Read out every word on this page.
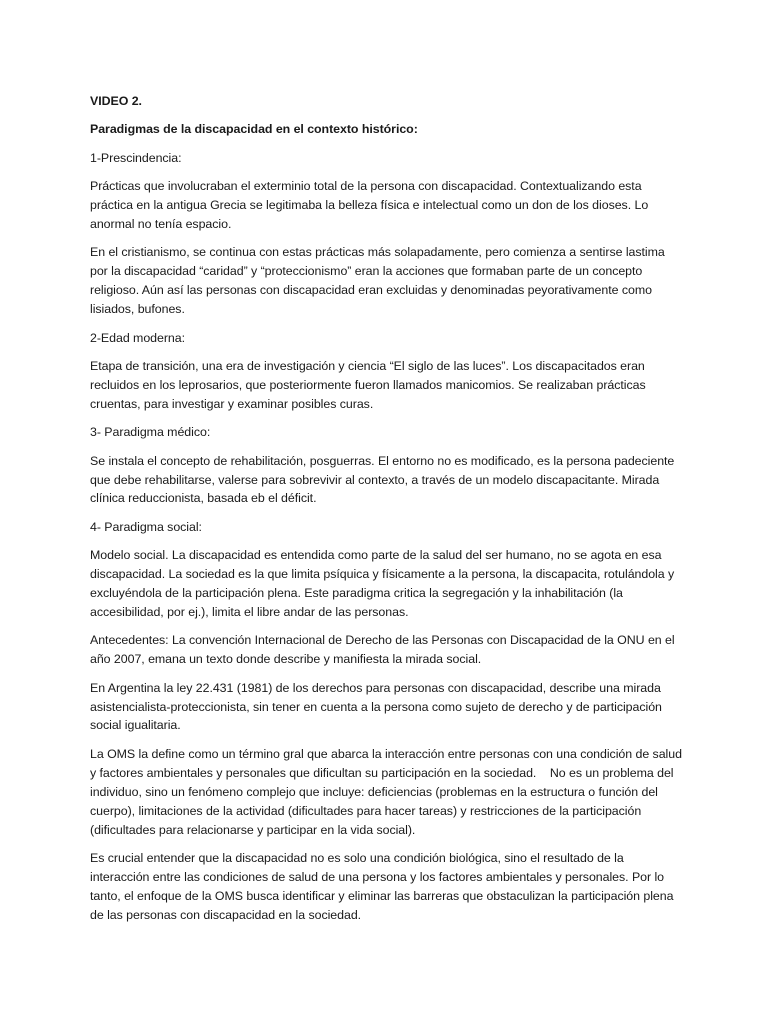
VIDEO 2.

Paradigmas de la discapacidad en el contexto histórico:

1-Prescindencia:

Prácticas que involucraban el exterminio total de la persona con discapacidad. Contextualizando esta práctica en la antigua Grecia se legitimaba la belleza física e intelectual como un don de los dioses. Lo anormal no tenía espacio.

En el cristianismo, se continua con estas prácticas más solapadamente, pero comienza a sentirse lastima por la discapacidad “caridad” y “proteccionismo” eran la acciones que formaban parte de un concepto religioso. Aún así las personas con discapacidad eran excluidas y denominadas peyorativamente como lisiados, bufones.

2-Edad moderna:

Etapa de transición, una era de investigación y ciencia “El siglo de las luces”. Los discapacitados eran recluidos en los leprosarios, que posteriormente fueron llamados manicomios. Se realizaban prácticas cruentas, para investigar y examinar posibles curas.

3- Paradigma médico:

Se instala el concepto de rehabilitación, posguerras. El entorno no es modificado, es la persona padeciente que debe rehabilitarse, valerse para sobrevivir al contexto, a través de un modelo discapacitante. Mirada clínica reduccionista, basada eb el déficit.

4- Paradigma social:

Modelo social. La discapacidad es entendida como parte de la salud del ser humano, no se agota en esa discapacidad. La sociedad es la que limita psíquica y físicamente a la persona, la discapacita, rotulándola y excluyéndola de la participación plena. Este paradigma critica la segregación y la inhabilitación (la accesibilidad, por ej.), limita el libre andar de las personas.

Antecedentes: La convención Internacional de Derecho de las Personas con Discapacidad de la ONU en el año 2007, emana un texto donde describe y manifiesta la mirada social.

En Argentina la ley 22.431 (1981) de los derechos para personas con discapacidad, describe una mirada asistencialista-proteccionista, sin tener en cuenta a la persona como sujeto de derecho y de participación social igualitaria.

La OMS la define como un término gral que abarca la interacción entre personas con una condición de salud y factores ambientales y personales que dificultan su participación en la sociedad.    No es un problema del individuo, sino un fenómeno complejo que incluye: deficiencias (problemas en la estructura o función del cuerpo), limitaciones de la actividad (dificultades para hacer tareas) y restricciones de la participación (dificultades para relacionarse y participar en la vida social).

Es crucial entender que la discapacidad no es solo una condición biológica, sino el resultado de la interacción entre las condiciones de salud de una persona y los factores ambientales y personales. Por lo tanto, el enfoque de la OMS busca identificar y eliminar las barreras que obstaculizan la participación plena de las personas con discapacidad en la sociedad.
